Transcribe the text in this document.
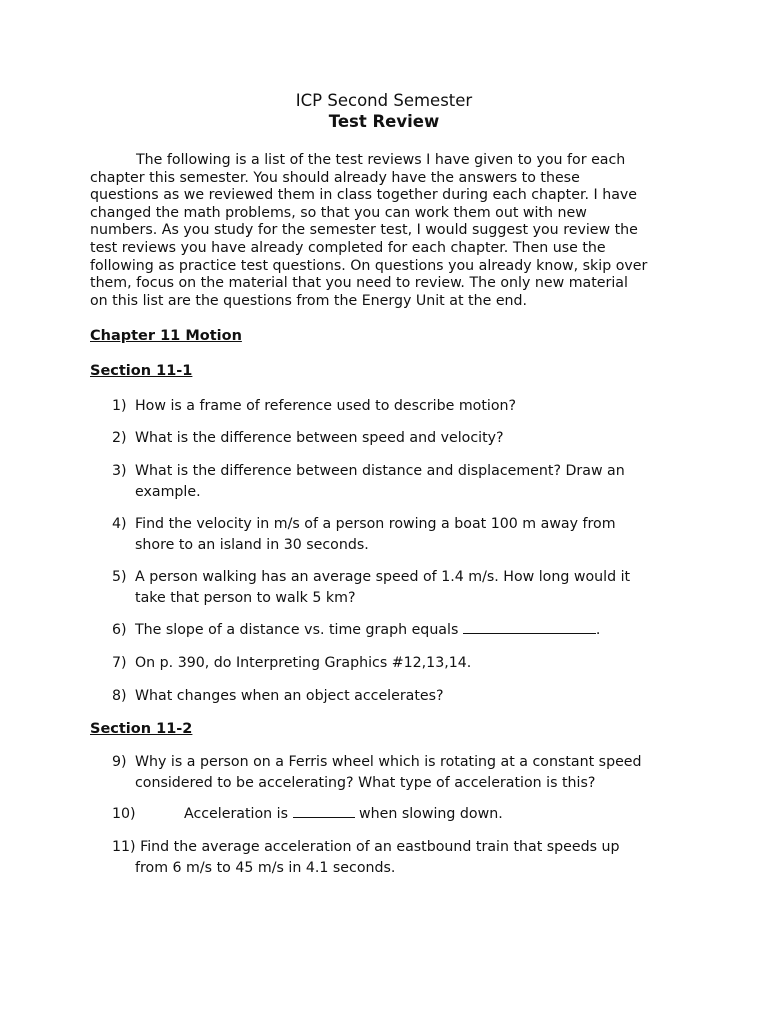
ICP Second Semester

Test Review

The following is a list of the test reviews I have given to you for each
chapter this semester. You should already have the answers to these
questions as we reviewed them in class together during each chapter. I have
changed the math problems, so that you can work them out with new
numbers. As you study for the semester test, I would suggest you review the
test reviews you have already completed for each chapter. Then use the
following as practice test questions. On questions you already know, skip over
them, focus on the material that you need to review. The only new material
on this list are the questions from the Energy Unit at the end.

Chapter 11 Motion

Section 11-1

1) How is a frame of reference used to describe motion?
2) What is the difference between speed and velocity?
3) What is the difference between distance and displacement? Draw an
example.
4) Find the velocity in m/s of a person rowing a boat 100 m away from
shore to an island in 30 seconds.
5) A person walking has an average speed of 1.4 m/s. How long would it
take that person to walk 5 km?
6) The slope of a distance vs. time graph equals	.
7) On p. 390, do Interpreting Graphics #12,13,14.
8) What changes when an object accelerates?

Section 11-2

9) Why is a person on a Ferris wheel which is rotating at a constant speed
considered to be accelerating? What type of acceleration is this?
10)	Acceleration is	when slowing down.
11) Find the average acceleration of an eastbound train that speeds up
from 6 m/s to 45 m/s in 4.1 seconds.
